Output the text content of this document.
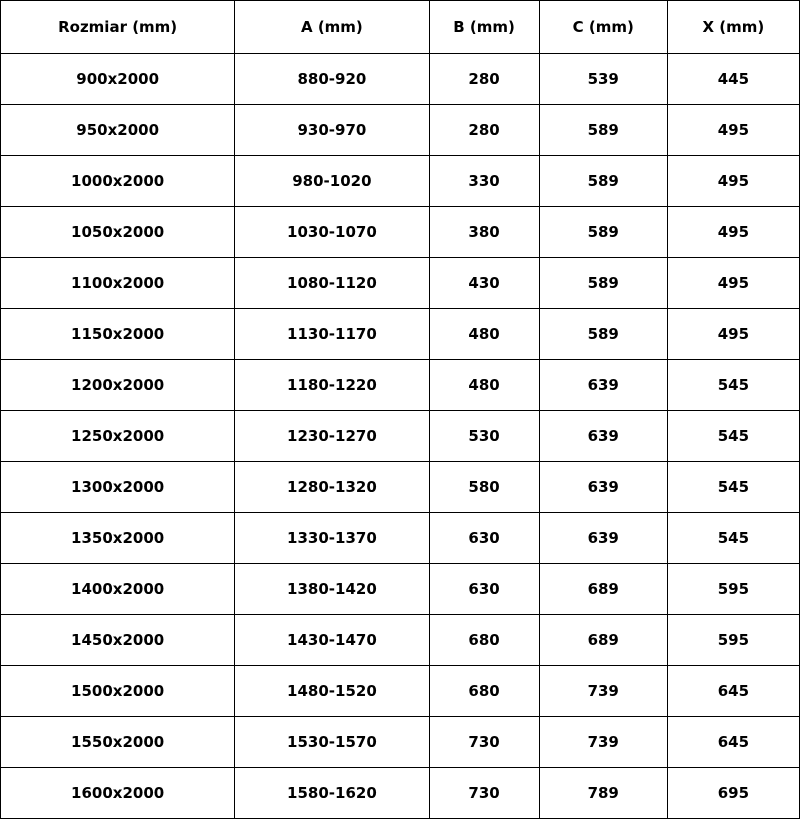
Rozmiar (mm)	A (mm)	B (mm)	C (mm)	X (mm)
900x2000	880-920	280	539	445
950x2000	930-970	280	589	495
1000x2000	980-1020	330	589	495
1050x2000	1030-1070	380	589	495
1100x2000	1080-1120	430	589	495
1150x2000	1130-1170	480	589	495
1200x2000	1180-1220	480	639	545
1250x2000	1230-1270	530	639	545
1300x2000	1280-1320	580	639	545
1350x2000	1330-1370	630	639	545
1400x2000	1380-1420	630	689	595
1450x2000	1430-1470	680	689	595
1500x2000	1480-1520	680	739	645
1550x2000	1530-1570	730	739	645
1600x2000	1580-1620	730	789	695
